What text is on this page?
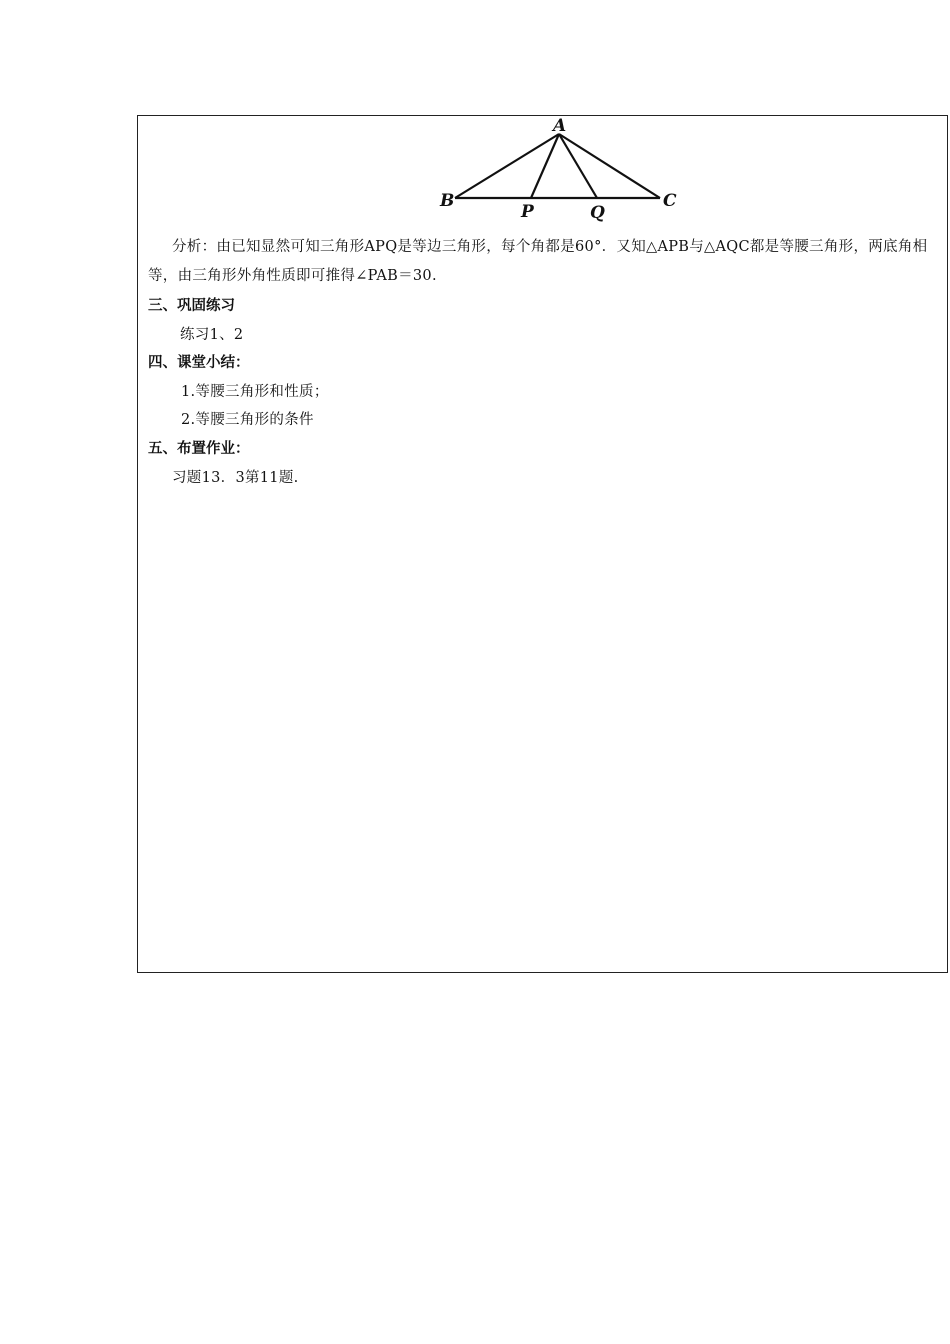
A
B	C
P	Q
分析：由已知显然可知三角形APQ是等边三角形，每个角都是60°．又知△APB与△AQC都是等腰三角形，两底角相等，由三角形外角性质即可推得∠PAB＝30.
三、巩固练习
练习1、2
四、课堂小结：
1.等腰三角形和性质；
2.等腰三角形的条件
五、布置作业：
习题13．3第11题.
